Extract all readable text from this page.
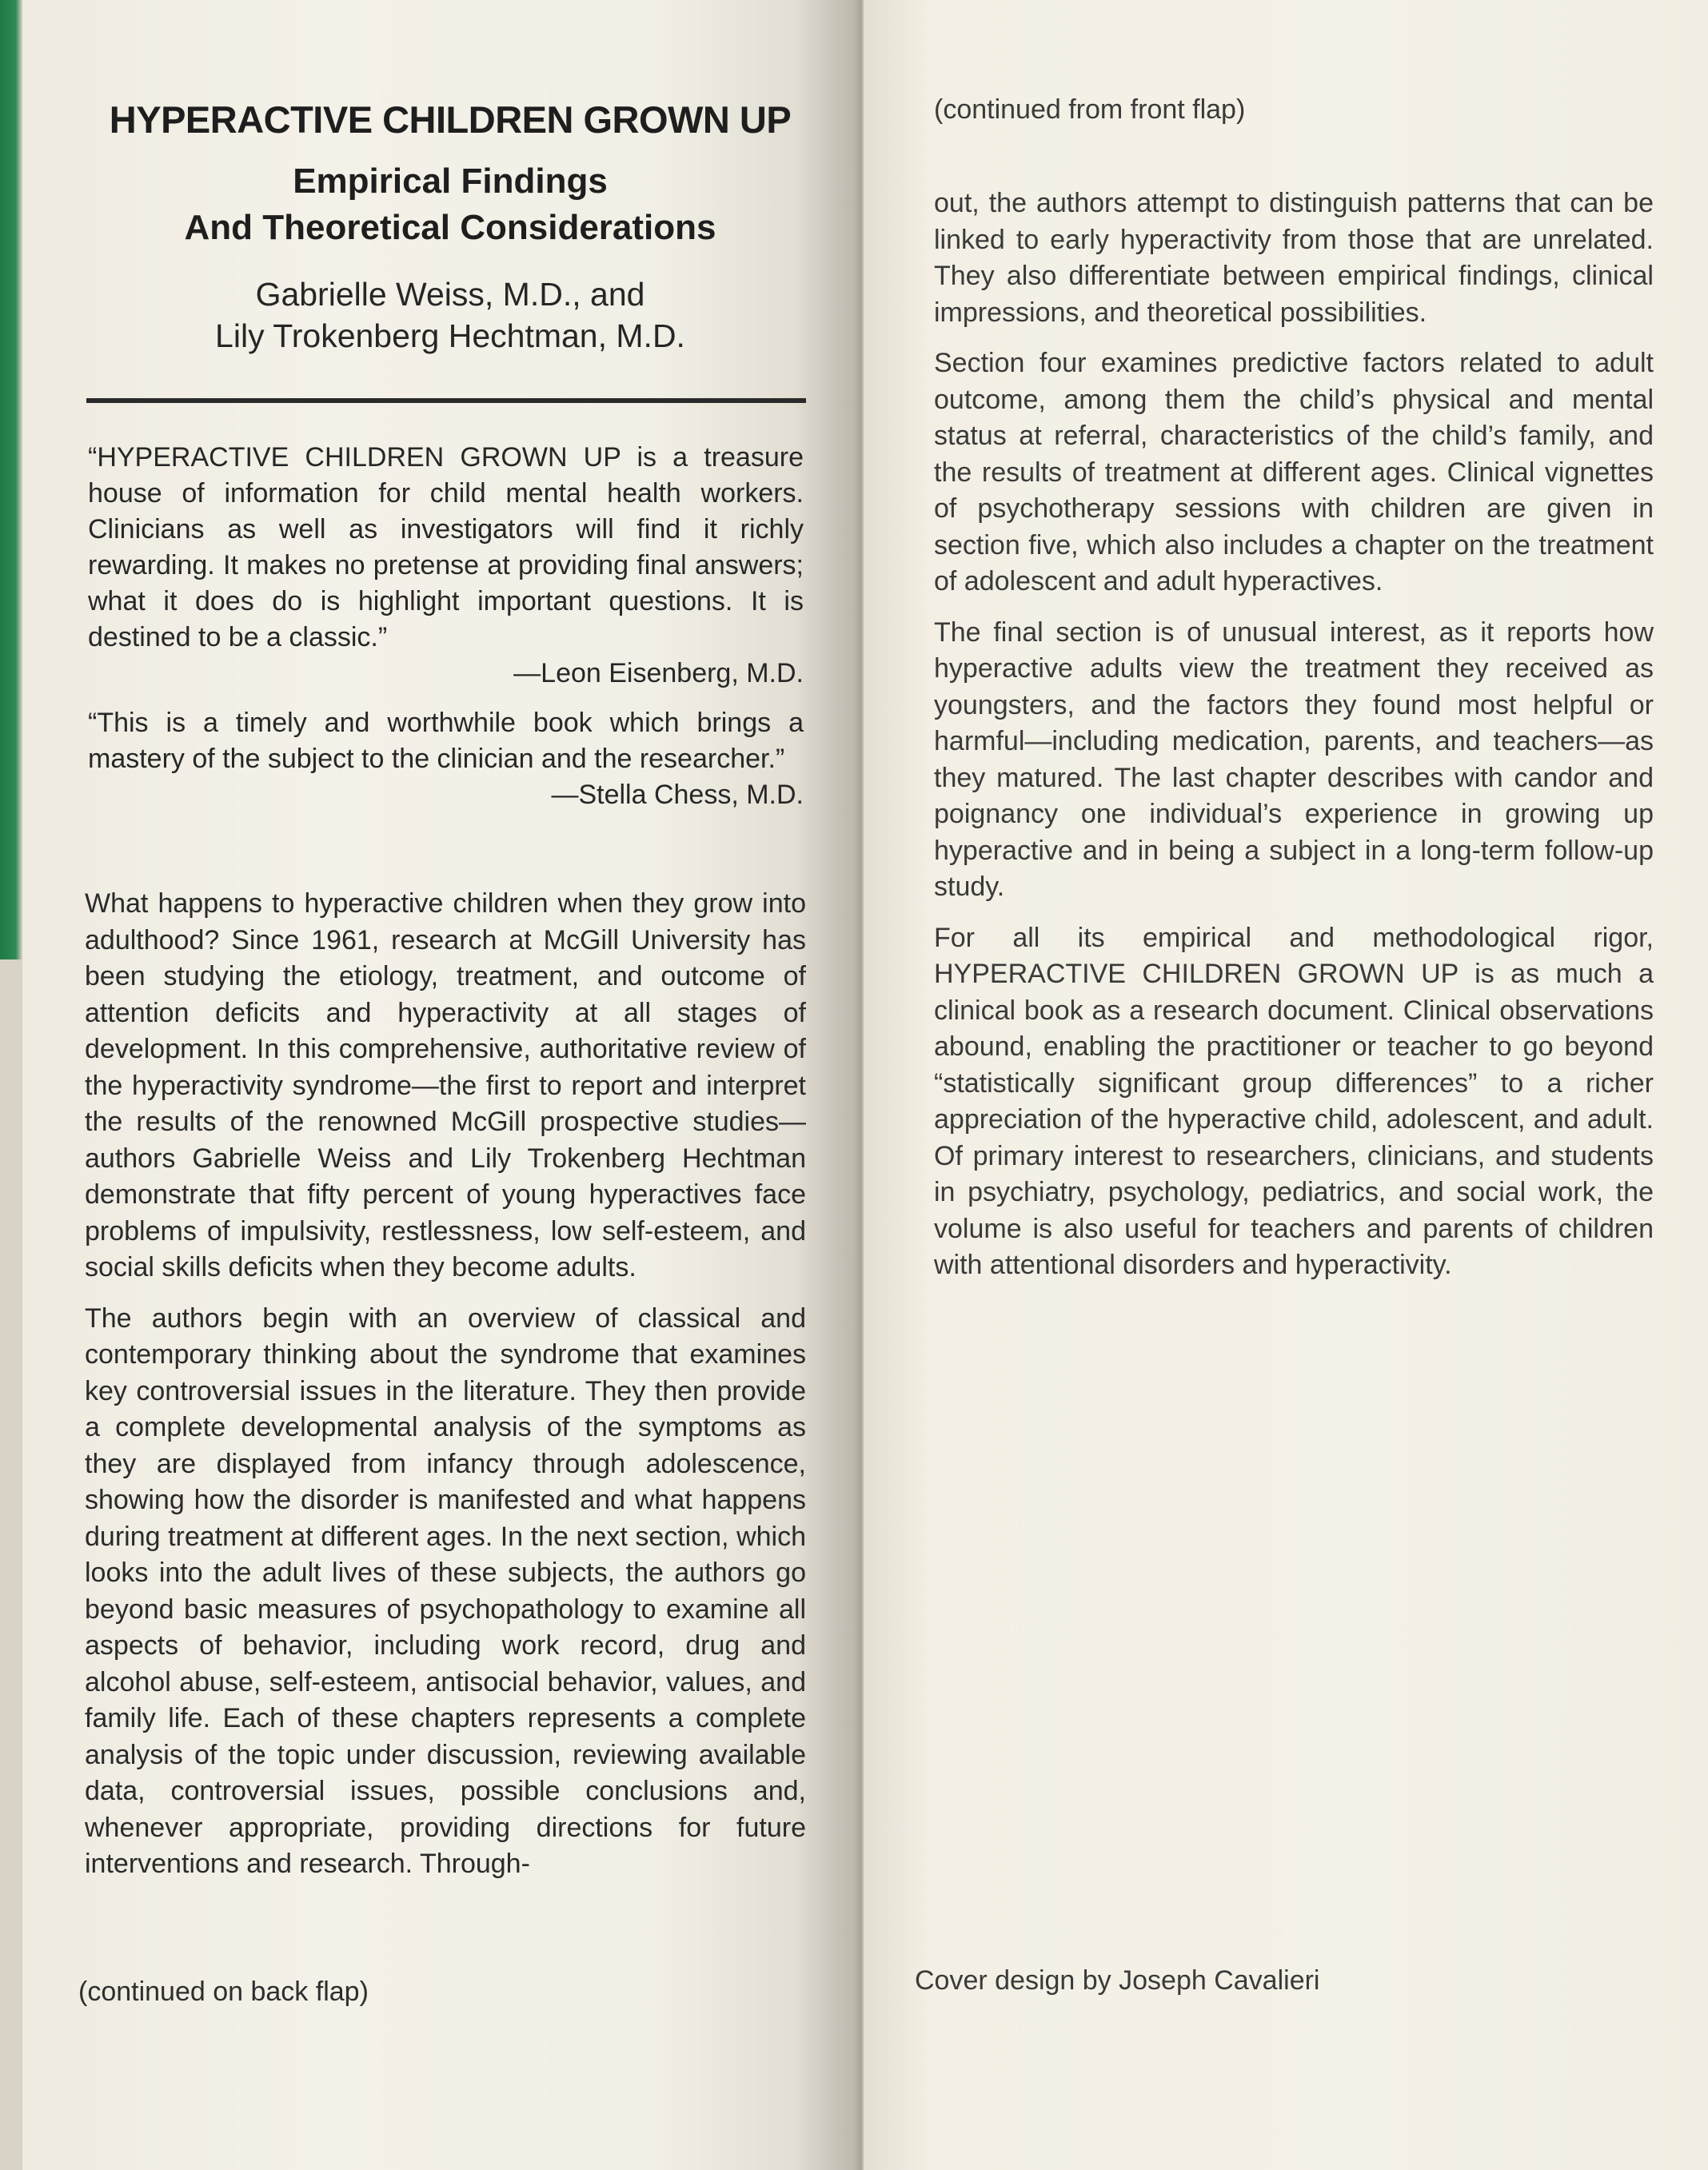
HYPERACTIVE CHILDREN GROWN UP
Empirical Findings
And Theoretical Considerations
Gabrielle Weiss, M.D., and
Lily Trokenberg Hechtman, M.D.
“HYPERACTIVE CHILDREN GROWN UP is a treasure house of information for child mental health workers. Clinicians as well as investigators will find it richly rewarding. It makes no pretense at providing final answers; what it does do is highlight important questions. It is destined to be a classic.”
—Leon Eisenberg, M.D.
“This is a timely and worthwhile book which brings a mastery of the subject to the clinician and the researcher.”
—Stella Chess, M.D.

What happens to hyperactive children when they grow into adulthood? Since 1961, research at McGill University has been studying the etiology, treatment, and outcome of attention deficits and hyperactivity at all stages of development. In this comprehensive, authoritative review of the hyperactivity syndrome—the first to report and interpret the results of the renowned McGill prospective studies—authors Gabrielle Weiss and Lily Trokenberg Hechtman demonstrate that fifty percent of young hyperactives face problems of impulsivity, restlessness, low self-esteem, and social skills deficits when they become adults.

The authors begin with an overview of classical and contemporary thinking about the syndrome that examines key controversial issues in the literature. They then provide a complete developmental analysis of the symptoms as they are displayed from infancy through adolescence, showing how the disorder is manifested and what happens during treatment at different ages. In the next section, which looks into the adult lives of these subjects, the authors go beyond basic measures of psychopathology to examine all aspects of behavior, including work record, drug and alcohol abuse, self-esteem, antisocial behavior, values, and family life. Each of these chapters represents a complete analysis of the topic under discussion, reviewing available data, controversial issues, possible conclusions and, whenever appropriate, providing directions for future interventions and research. Through-

(continued on back flap)
(continued from front flap)

out, the authors attempt to distinguish patterns that can be linked to early hyperactivity from those that are unrelated. They also differentiate between empirical findings, clinical impressions, and theoretical possibilities.

Section four examines predictive factors related to adult outcome, among them the child’s physical and mental status at referral, characteristics of the child’s family, and the results of treatment at different ages. Clinical vignettes of psychotherapy sessions with children are given in section five, which also includes a chapter on the treatment of adolescent and adult hyperactives.

The final section is of unusual interest, as it reports how hyperactive adults view the treatment they received as youngsters, and the factors they found most helpful or harmful—including medication, parents, and teachers—as they matured. The last chapter describes with candor and poignancy one individual’s experience in growing up hyperactive and in being a subject in a long-term follow-up study.

For all its empirical and methodological rigor, HYPERACTIVE CHILDREN GROWN UP is as much a clinical book as a research document. Clinical observations abound, enabling the practitioner or teacher to go beyond “statistically significant group differences” to a richer appreciation of the hyperactive child, adolescent, and adult. Of primary interest to researchers, clinicians, and students in psychiatry, psychology, pediatrics, and social work, the volume is also useful for teachers and parents of children with attentional disorders and hyperactivity.

Cover design by Joseph Cavalieri
